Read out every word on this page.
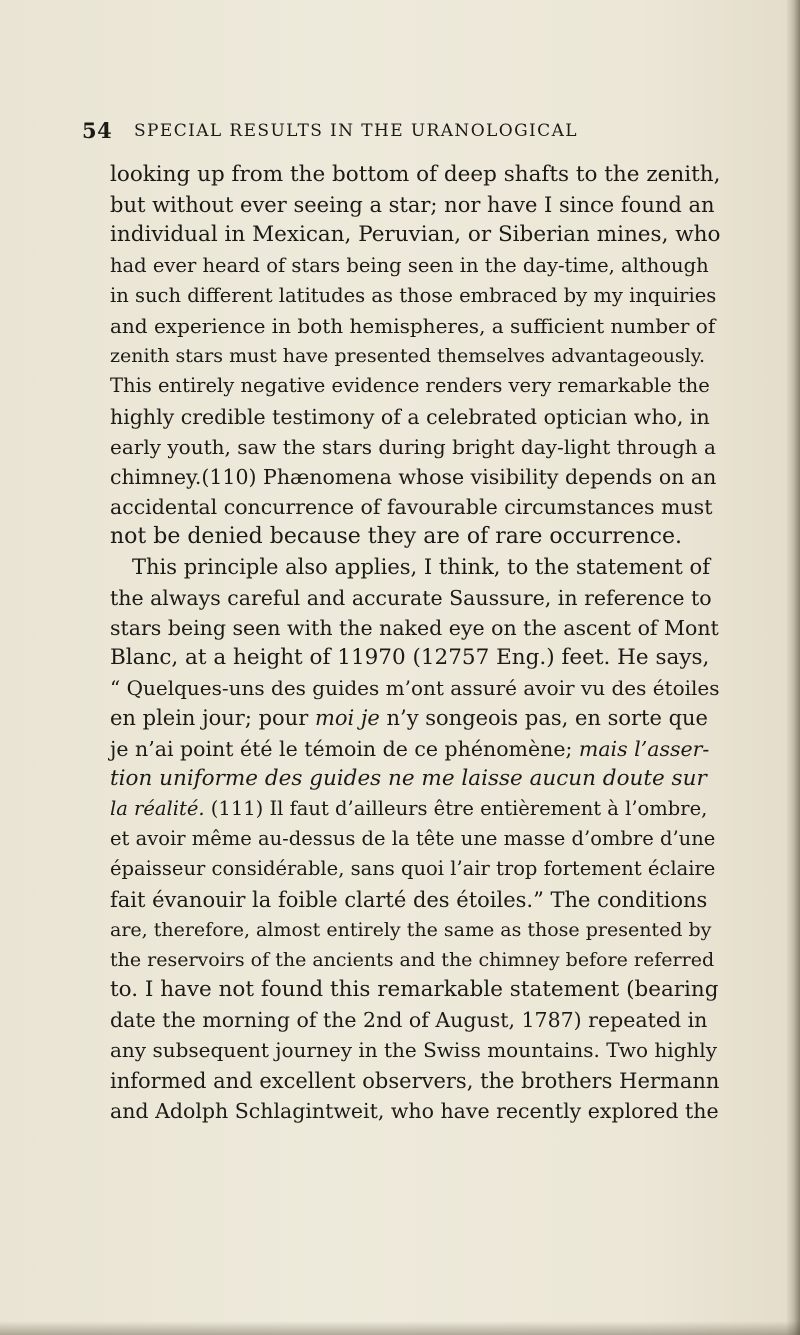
54 SPECIAL RESULTS IN THE URANOLOGICAL
looking up from the bottom of deep shafts to the zenith,
but without ever seeing a star; nor have I since found an
individual in Mexican, Peruvian, or Siberian mines, who
had ever heard of stars being seen in the day-time, although
in such different latitudes as those embraced by my inquiries
and experience in both hemispheres, a sufficient number of
zenith stars must have presented themselves advantageously.
This entirely negative evidence renders very remarkable the
highly credible testimony of a celebrated optician who, in
early youth, saw the stars during bright day-light through a
chimney.(110) Phænomena whose visibility depends on an
accidental concurrence of favourable circumstances must
not be denied because they are of rare occurrence.
This principle also applies, I think, to the statement of
the always careful and accurate Saussure, in reference to
stars being seen with the naked eye on the ascent of Mont
Blanc, at a height of 11970 (12757 Eng.) feet. He says,
“ Quelques-uns des guides m’ont assuré avoir vu des étoiles
en plein jour; pour moi je n’y songeois pas, en sorte que
je n’ai point été le témoin de ce phénomène; mais l’asser-
tion uniforme des guides ne me laisse aucun doute sur
la réalité. (111) Il faut d’ailleurs être entièrement à l’ombre,
et avoir même au-dessus de la tête une masse d’ombre d’une
épaisseur considérable, sans quoi l’air trop fortement éclaire
fait évanouir la foible clarté des étoiles.” The conditions
are, therefore, almost entirely the same as those presented by
the reservoirs of the ancients and the chimney before referred
to. I have not found this remarkable statement (bearing
date the morning of the 2nd of August, 1787) repeated in
any subsequent journey in the Swiss mountains. Two highly
informed and excellent observers, the brothers Hermann
and Adolph Schlagintweit, who have recently explored the
